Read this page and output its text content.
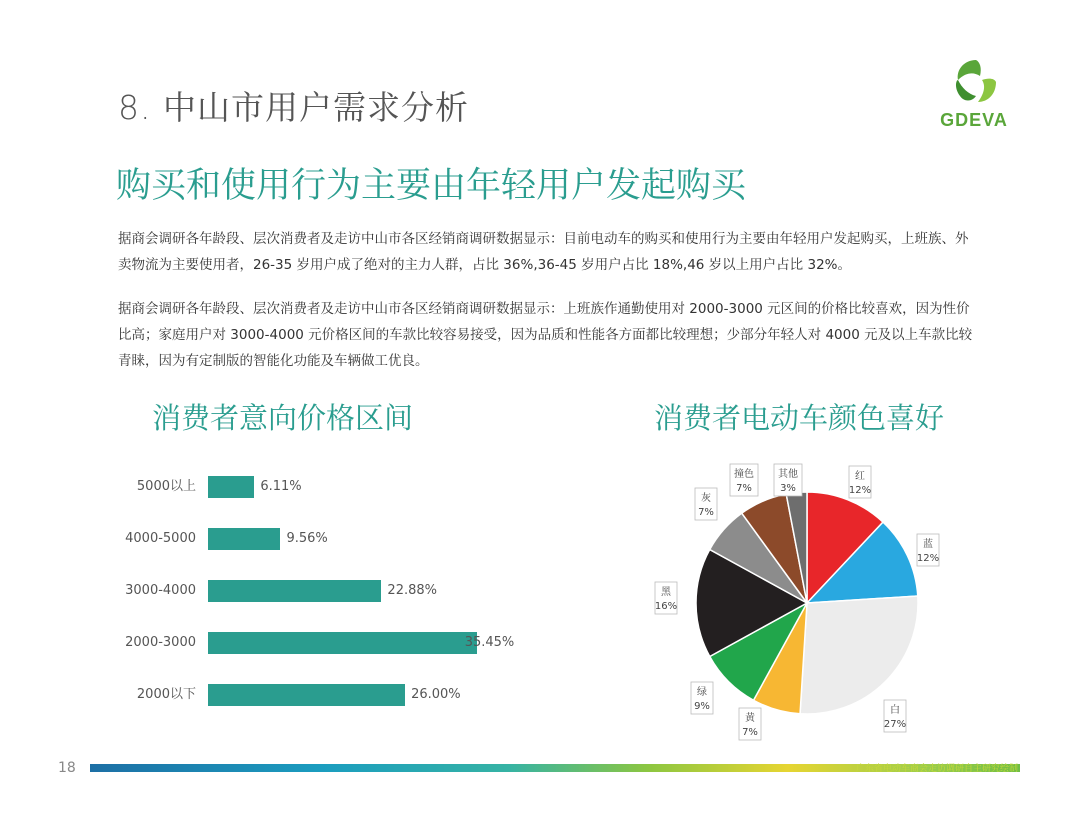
8. 中山市用户需求分析	GDEVA
购买和使用行为主要由年轻用户发起购买
据商会调研各年龄段、层次消费者及走访中山市各区经销商调研数据显示：目前电动车的购买和使用行为主要由年轻用户发起购买，上班族、外卖物流为主要使用者，26-35 岁用户成了绝对的主力人群，占比 36%,36-45 岁用户占比 18%,46 岁以上用户占比 32%。
据商会调研各年龄段、层次消费者及走访中山市各区经销商调研数据显示：上班族作通勤使用对 2000-3000 元区间的价格比较喜欢，因为性价比高；家庭用户对 3000-4000 元价格区间的车款比较容易接受，因为品质和性能各方面都比较理想；少部分年轻人对 4000 元及以上车款比较青睐，因为有定制版的智能化功能及车辆做工优良。
消费者意向价格区间	消费者电动车颜色喜好
5000以上	6.11%
4000-5000	9.56%
3000-4000	22.88%
2000-3000	35.45%
2000以下	26.00%
红
12%
蓝
12%
白
27%
黄
7%
绿
9%
黑
16%
灰
7%
撞色
7%
其他
3%
18	广东省电动车商会走访调研自主研究绘制
